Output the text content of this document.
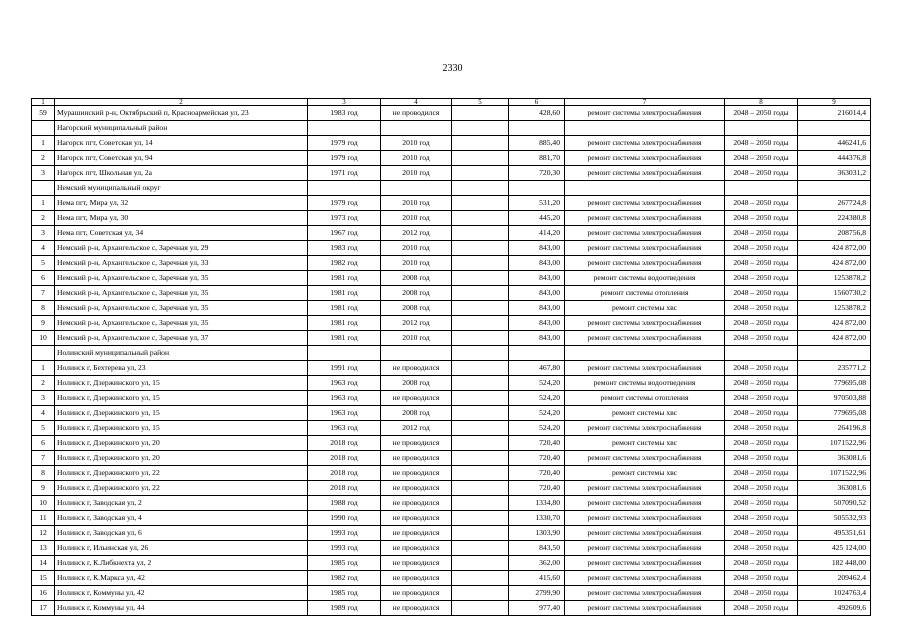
2330
1	2	3	4	5	6	7	8	9
59	Мурашинский р-н, Октябрьский п, Красноармейская ул, 23	1983 год	не проводился		428,60	ремонт системы электроснабжения	2048 – 2050 годы	216014,4
	Нагорский муниципальный район							
1	Нагорск пгт, Советская ул, 14	1979 год	2010 год		885,40	ремонт системы электроснабжения	2048 – 2050 годы	446241,6
2	Нагорск пгт, Советская ул, 94	1979 год	2010 год		881,70	ремонт системы электроснабжения	2048 – 2050 годы	444376,8
3	Нагорск пгт, Школьная ул, 2а	1971 год	2010 год		720,30	ремонт системы электроснабжения	2048 – 2050 годы	363031,2
	Немский муниципальный округ							
1	Нема пгт, Мира ул, 32	1979 год	2010 год		531,20	ремонт системы электроснабжения	2048 – 2050 годы	267724,8
2	Нема пгт, Мира ул, 30	1973 год	2010 год		445,20	ремонт системы электроснабжения	2048 – 2050 годы	224380,8
3	Нема пгт, Советская ул, 34	1967 год	2012 год		414,20	ремонт системы электроснабжения	2048 – 2050 годы	208756,8
4	Немский р-н, Архангельское с, Заречная ул, 29	1983 год	2010 год		843,00	ремонт системы электроснабжения	2048 – 2050 годы	424 872,00
5	Немский р-н, Архангельское с, Заречная ул, 33	1982 год	2010 год		843,00	ремонт системы электроснабжения	2048 – 2050 годы	424 872,00
6	Немский р-н, Архангельское с, Заречная ул, 35	1981 год	2008 год		843,00	ремонт системы водоотведения	2048 – 2050 годы	1253878,2
7	Немский р-н, Архангельское с, Заречная ул, 35	1981 год	2008 год		843,00	ремонт системы отопления	2048 – 2050 годы	1560730,2
8	Немский р-н, Архангельское с, Заречная ул, 35	1981 год	2008 год		843,00	ремонт системы хвс	2048 – 2050 годы	1253878,2
9	Немский р-н, Архангельское с, Заречная ул, 35	1981 год	2012 год		843,00	ремонт системы электроснабжения	2048 – 2050 годы	424 872,00
10	Немский р-н, Архангельское с, Заречная ул, 37	1981 год	2010 год		843,00	ремонт системы электроснабжения	2048 – 2050 годы	424 872,00
	Нолинский муниципальный район							
1	Нолинск г, Бехтерева ул, 23	1991 год	не проводился		467,80	ремонт системы электроснабжения	2048 – 2050 годы	235771,2
2	Нолинск г, Дзержинского ул, 15	1963 год	2008 год		524,20	ремонт системы водоотведения	2048 – 2050 годы	779695,08
3	Нолинск г, Дзержинского ул, 15	1963 год	не проводился		524,20	ремонт системы отопления	2048 – 2050 годы	970503,88
4	Нолинск г, Дзержинского ул, 15	1963 год	2008 год		524,20	ремонт системы хвс	2048 – 2050 годы	779695,08
5	Нолинск г, Дзержинского ул, 15	1963 год	2012 год		524,20	ремонт системы электроснабжения	2048 – 2050 годы	264196,8
6	Нолинск г, Дзержинского ул, 20	2018 год	не проводился		720,40	ремонт системы хвс	2048 – 2050 годы	1071522,96
7	Нолинск г, Дзержинского ул, 20	2018 год	не проводился		720,40	ремонт системы электроснабжения	2048 – 2050 годы	363081,6
8	Нолинск г, Дзержинского ул, 22	2018 год	не проводился		720,40	ремонт системы хвс	2048 – 2050 годы	1071522,96
9	Нолинск г, Дзержинского ул, 22	2018 год	не проводился		720,40	ремонт системы электроснабжения	2048 – 2050 годы	363081,6
10	Нолинск г, Заводская ул, 2	1988 год	не проводился		1334,80	ремонт системы электроснабжения	2048 – 2050 годы	507090,52
11	Нолинск г, Заводская ул, 4	1990 год	не проводился		1330,70	ремонт системы электроснабжения	2048 – 2050 годы	505532,93
12	Нолинск г, Заводская ул, 6	1993 год	не проводился		1303,90	ремонт системы электроснабжения	2048 – 2050 годы	495351,61
13	Нолинск г, Ильинская ул, 26	1993 год	не проводился		843,50	ремонт системы электроснабжения	2048 – 2050 годы	425 124,00
14	Нолинск г, К.Либкнехта ул, 2	1985 год	не проводился		362,00	ремонт системы электроснабжения	2048 – 2050 годы	182 448,00
15	Нолинск г, К.Маркса ул, 42	1982 год	не проводился		415,60	ремонт системы электроснабжения	2048 – 2050 годы	209462,4
16	Нолинск г, Коммуны ул, 42	1985 год	не проводился		2799,90	ремонт системы электроснабжения	2048 – 2050 годы	1024763,4
17	Нолинск г, Коммуны ул, 44	1989 год	не проводился		977,40	ремонт системы электроснабжения	2048 – 2050 годы	492609,6
